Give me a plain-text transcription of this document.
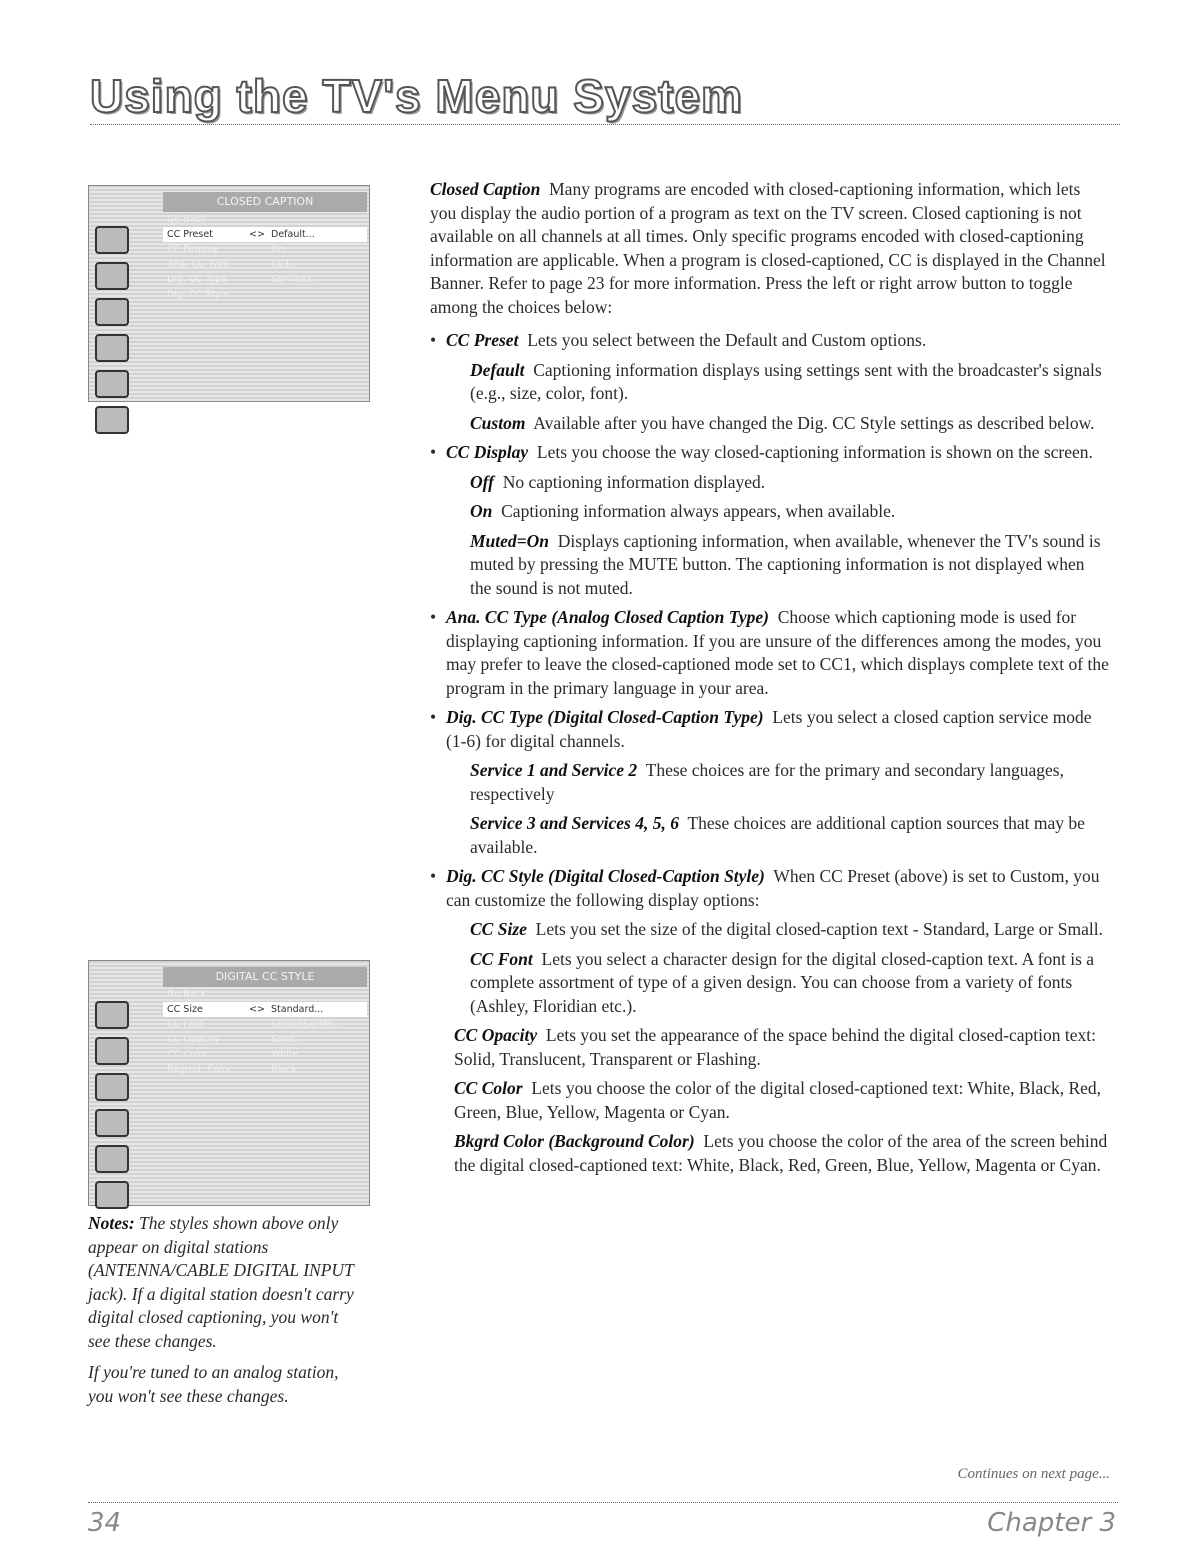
Using the TV's Menu System
CLOSED CAPTION
Go Back
CC Preset	<> Default...
CC Display	On...
Ana. CC Type	CC1...
Dig. CC Type	Service1...
Dig. CC Style	...
DIGITAL CC STYLE
Go Back
CC Size	<> Standard...
CC Font	ScreenSerMn...
CC Opacity	Solid...
CC Color	White...
Bkgrnd. Color	Black...

Closed Caption Many programs are encoded with closed-captioning information, which lets you display the audio portion of a program as text on the TV screen. Closed captioning is not available on all channels at all times. Only specific programs encoded with closed-captioning information are applicable. When a program is closed-captioned, CC is displayed in the Channel Banner. Refer to page 23 for more information. Press the left or right arrow button to toggle among the choices below:

• CC Preset Lets you select between the Default and Custom options.

Default Captioning information displays using settings sent with the broadcaster's signals (e.g., size, color, font).

Custom Available after you have changed the Dig. CC Style settings as described below.

• CC Display Lets you choose the way closed-captioning information is shown on the screen.

Off No captioning information displayed.

On Captioning information always appears, when available.

Muted=On Displays captioning information, when available, whenever the TV's sound is muted by pressing the MUTE button. The captioning information is not displayed when the sound is not muted.

• Ana. CC Type (Analog Closed Caption Type) Choose which captioning mode is used for displaying captioning information. If you are unsure of the differences among the modes, you may prefer to leave the closed-captioned mode set to CC1, which displays complete text of the program in the primary language in your area.

• Dig. CC Type (Digital Closed-Caption Type) Lets you select a closed caption service mode (1-6) for digital channels.

Service 1 and Service 2 These choices are for the primary and secondary languages, respectively

Service 3 and Services 4, 5, 6 These choices are additional caption sources that may be available.

• Dig. CC Style (Digital Closed-Caption Style) When CC Preset (above) is set to Custom, you can customize the following display options:

CC Size Lets you set the size of the digital closed-caption text - Standard, Large or Small.

CC Font Lets you select a character design for the digital closed-caption text. A font is a complete assortment of type of a given design. You can choose from a variety of fonts (Ashley, Floridian etc.).

CC Opacity Lets you set the appearance of the space behind the digital closed-caption text: Solid, Translucent, Transparent or Flashing.

CC Color Lets you choose the color of the digital closed-captioned text: White, Black, Red, Green, Blue, Yellow, Magenta or Cyan.

Bkgrd Color (Background Color) Lets you choose the color of the area of the screen behind the digital closed-captioned text: White, Black, Red, Green, Blue, Yellow, Magenta or Cyan.

Notes: The styles shown above only appear on digital stations (ANTENNA/CABLE DIGITAL INPUT jack). If a digital station doesn't carry digital closed captioning, you won't see these changes.

If you're tuned to an analog station, you won't see these changes.

Continues on next page...
34	Chapter 3
